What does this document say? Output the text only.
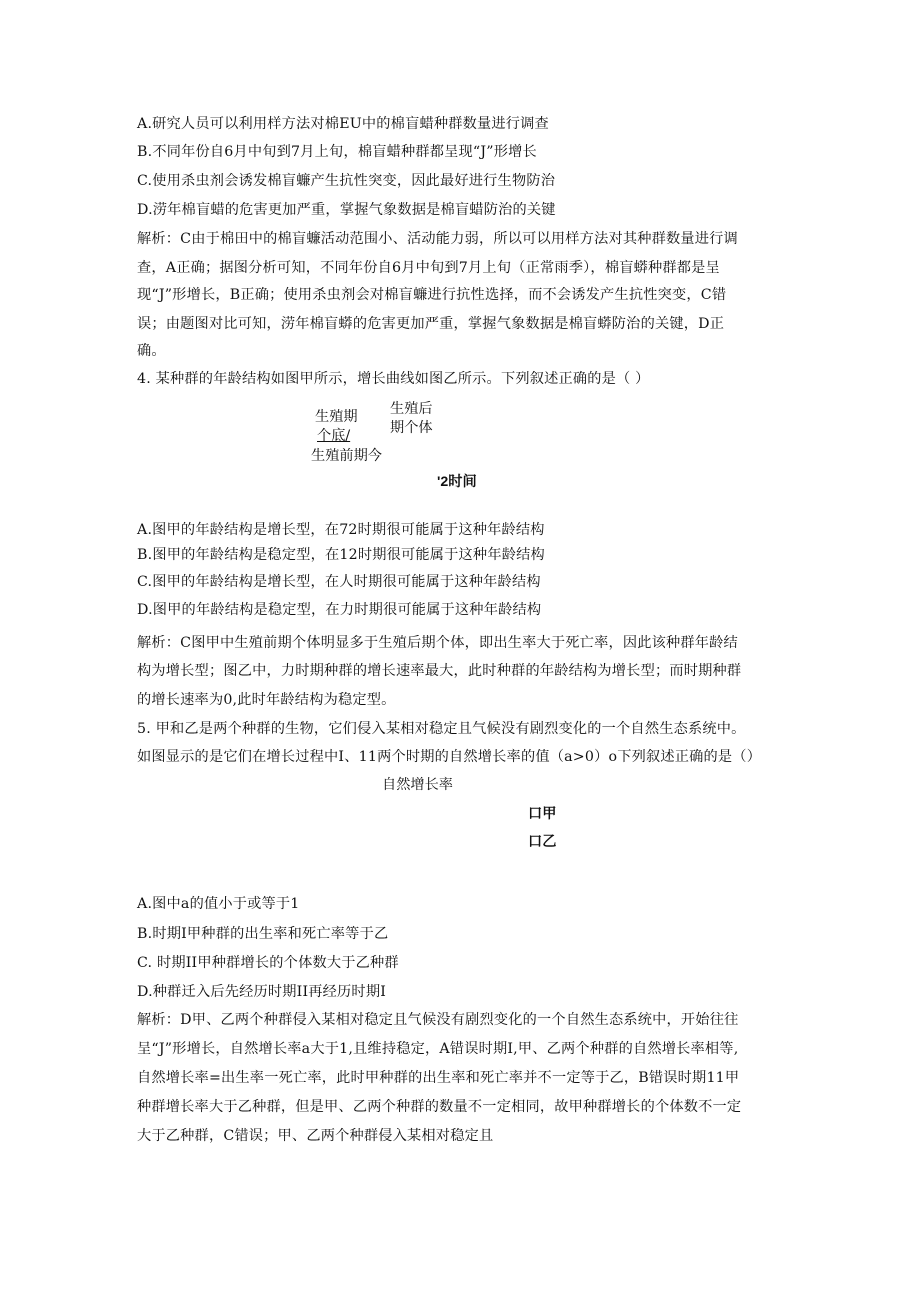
A.研究人员可以利用样方法对棉EU中的棉盲蜡种群数量进行调查
B.不同年份自6月中旬到7月上旬，棉盲蜡种群都呈现“J”形增长
C.使用杀虫剂会诱发棉盲蠊产生抗性突变，因此最好进行生物防治
D.涝年棉盲蜡的危害更加严重，掌握气象数据是棉盲蜡防治的关键
解析：C由于棉田中的棉盲蠊活动范围小、活动能力弱，所以可以用样方法对其种群数量进行调
查，A正确；据图分析可知，不同年份自6月中旬到7月上旬（正常雨季），棉盲蟒种群都是呈
现“J”形增长，B正确；使用杀虫剂会对棉盲蠊进行抗性选择，而不会诱发产生抗性突变，C错
误；由题图对比可知，涝年棉盲蟒的危害更加严重，掌握气象数据是棉盲蟒防治的关键，D正
确。
4. 某种群的年龄结构如图甲所示，增长曲线如图乙所示。下列叙述正确的是（ ）
生殖期
个底/
生殖前期今
生殖后
期个体
'2时间
A.图甲的年龄结构是增长型，在72时期很可能属于这种年龄结构
B.图甲的年龄结构是稳定型，在12时期很可能属于这种年龄结构
C.图甲的年龄结构是增长型，在人时期很可能属于这种年龄结构
D.图甲的年龄结构是稳定型，在力时期很可能属于这种年龄结构
解析：C图甲中生殖前期个体明显多于生殖后期个体，即出生率大于死亡率，因此该种群年龄结
构为增长型；图乙中，力时期种群的增长速率最大，此时种群的年龄结构为增长型；而时期种群
的增长速率为0,此时年龄结构为稳定型。
5. 甲和乙是两个种群的生物，它们侵入某相对稳定且气候没有剧烈变化的一个自然生态系统中。
如图显示的是它们在增长过程中I、11两个时期的自然增长率的值（a>0）o下列叙述正确的是（）
自然增长率
口甲
口乙
A.图中a的值小于或等于1
B.时期I甲种群的出生率和死亡率等于乙
C. 时期II甲种群增长的个体数大于乙种群
D.种群迁入后先经历时期II再经历时期I
解析：D甲、乙两个种群侵入某相对稳定且气候没有剧烈变化的一个自然生态系统中，开始往往
呈“J”形增长，自然增长率a大于1,且维持稳定，A错误时期I,甲、乙两个种群的自然增长率相等,
自然增长率=出生率一死亡率，此时甲种群的出生率和死亡率并不一定等于乙，B错误时期11甲
种群增长率大于乙种群，但是甲、乙两个种群的数量不一定相同，故甲种群增长的个体数不一定
大于乙种群，C错误；甲、乙两个种群侵入某相对稳定且
